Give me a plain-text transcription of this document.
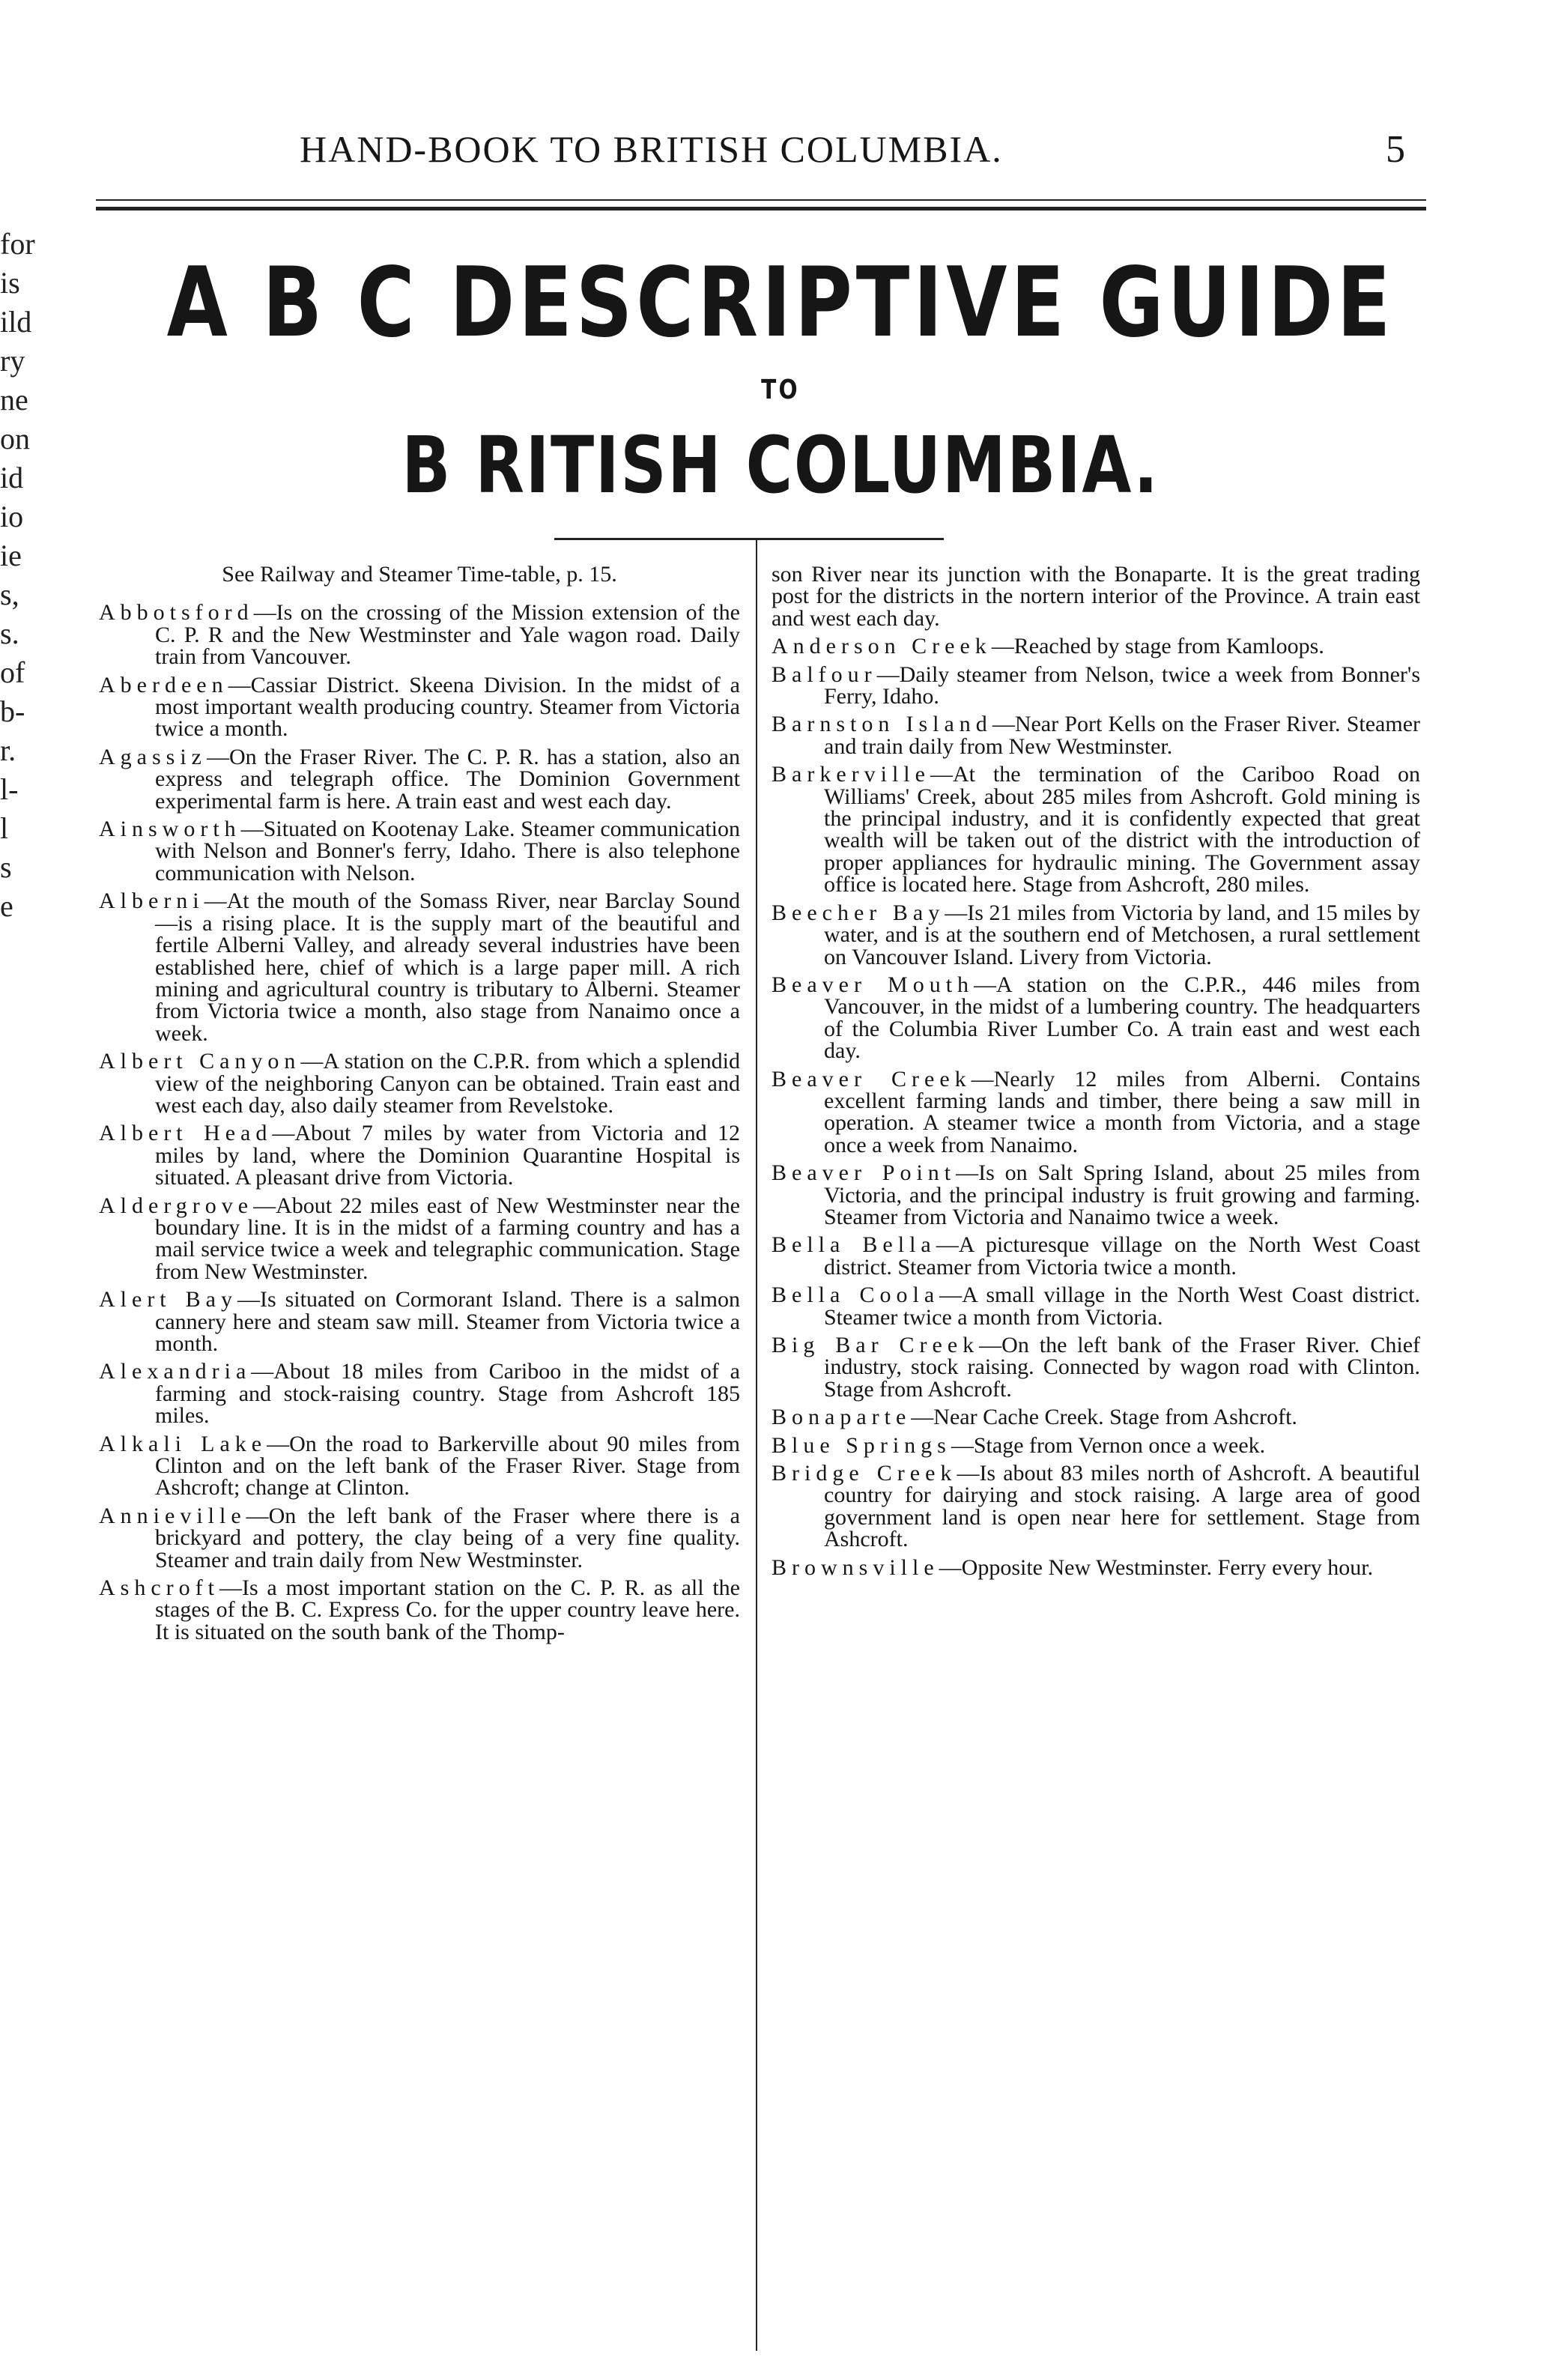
for
is
ild
ry
ne
on
id
io
ie
s,
s.
of
b-
r.
l-
l
s
e
HAND-BOOK TO BRITISH COLUMBIA.	5
A B C DESCRIPTIVE GUIDE
TO
B RITISH COLUMBIA.
See Railway and Steamer Time-table, p. 15.
Abbotsford—Is on the crossing of the Mission extension of the C. P. R and the New Westminster and Yale wagon road. Daily train from Vancouver.
Aberdeen—Cassiar District. Skeena Division. In the midst of a most important wealth producing country. Steamer from Victoria twice a month.
Agassiz—On the Fraser River. The C. P. R. has a station, also an express and telegraph office. The Dominion Government experimental farm is here. A train east and west each day.
Ainsworth—Situated on Kootenay Lake. Steamer communication with Nelson and Bonner's ferry, Idaho. There is also telephone communication with Nelson.
Alberni—At the mouth of the Somass River, near Barclay Sound—is a rising place. It is the supply mart of the beautiful and fertile Alberni Valley, and already several industries have been established here, chief of which is a large paper mill. A rich mining and agricultural country is tributary to Alberni. Steamer from Victoria twice a month, also stage from Nanaimo once a week.
Albert Canyon—A station on the C.P.R. from which a splendid view of the neighboring Canyon can be obtained. Train east and west each day, also daily steamer from Revelstoke.
Albert Head—About 7 miles by water from Victoria and 12 miles by land, where the Dominion Quarantine Hospital is situated. A pleasant drive from Victoria.
Aldergrove—About 22 miles east of New Westminster near the boundary line. It is in the midst of a farming country and has a mail service twice a week and telegraphic communication. Stage from New Westminster.
Alert Bay—Is situated on Cormorant Island. There is a salmon cannery here and steam saw mill. Steamer from Victoria twice a month.
Alexandria—About 18 miles from Cariboo in the midst of a farming and stock-raising country. Stage from Ashcroft 185 miles.
Alkali Lake—On the road to Barkerville about 90 miles from Clinton and on the left bank of the Fraser River. Stage from Ashcroft; change at Clinton.
Annieville—On the left bank of the Fraser where there is a brickyard and pottery, the clay being of a very fine quality. Steamer and train daily from New Westminster.
Ashcroft—Is a most important station on the C. P. R. as all the stages of the B. C. Express Co. for the upper country leave here. It is situated on the south bank of the Thomp-
son River near its junction with the Bonaparte. It is the great trading post for the districts in the nortern interior of the Province. A train east and west each day.
Anderson Creek—Reached by stage from Kamloops.
Balfour—Daily steamer from Nelson, twice a week from Bonner's Ferry, Idaho.
Barnston Island—Near Port Kells on the Fraser River. Steamer and train daily from New Westminster.
Barkerville—At the termination of the Cariboo Road on Williams' Creek, about 285 miles from Ashcroft. Gold mining is the principal industry, and it is confidently expected that great wealth will be taken out of the district with the introduction of proper appliances for hydraulic mining. The Government assay office is located here. Stage from Ashcroft, 280 miles.
Beecher Bay—Is 21 miles from Victoria by land, and 15 miles by water, and is at the southern end of Metchosen, a rural settlement on Vancouver Island. Livery from Victoria.
Beaver Mouth—A station on the C.P.R., 446 miles from Vancouver, in the midst of a lumbering country. The headquarters of the Columbia River Lumber Co. A train east and west each day.
Beaver Creek—Nearly 12 miles from Alberni. Contains excellent farming lands and timber, there being a saw mill in operation. A steamer twice a month from Victoria, and a stage once a week from Nanaimo.
Beaver Point—Is on Salt Spring Island, about 25 miles from Victoria, and the principal industry is fruit growing and farming. Steamer from Victoria and Nanaimo twice a week.
Bella Bella—A picturesque village on the North West Coast district. Steamer from Victoria twice a month.
Bella Coola—A small village in the North West Coast district. Steamer twice a month from Victoria.
Big Bar Creek—On the left bank of the Fraser River. Chief industry, stock raising. Connected by wagon road with Clinton. Stage from Ashcroft.
Bonaparte—Near Cache Creek. Stage from Ashcroft.
Blue Springs—Stage from Vernon once a week.
Bridge Creek—Is about 83 miles north of Ashcroft. A beautiful country for dairying and stock raising. A large area of good government land is open near here for settlement. Stage from Ashcroft.
Brownsville—Opposite New Westminster. Ferry every hour.
